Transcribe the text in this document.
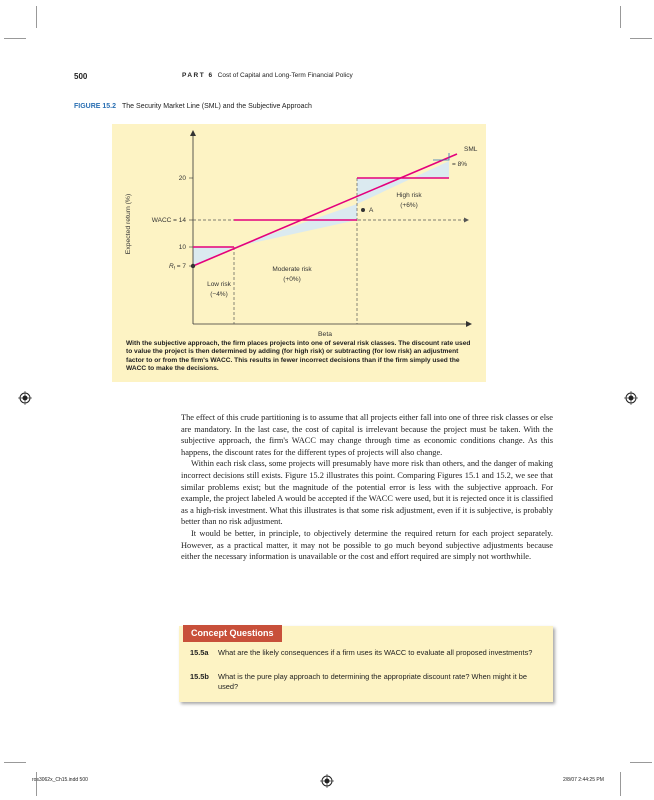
500	PART 6 Cost of Capital and Long-Term Financial Policy
FIGURE 15.2 The Security Market Line (SML) and the Subjective Approach
= 8%
SML
A
20
WACC = 14
10
$R_f = 7$
Expected return (%)
Beta
Low risk
(−4%)
Moderate risk
(+0%)
High risk
(+6%)
With the subjective approach, the firm places projects into one of several risk classes. The discount rate used to value the project is then determined by adding (for high risk) or subtracting (for low risk) an adjustment factor to or from the firm's WACC. This results in fewer incorrect decisions than if the firm simply used the WACC to make the decisions.

The effect of this crude partitioning is to assume that all projects either fall into one of three risk classes or else are mandatory. In the last case, the cost of capital is irrelevant because the project must be taken. With the subjective approach, the firm's WACC may change through time as economic conditions change. As this happens, the discount rates for the different types of projects will also change.

Within each risk class, some projects will presumably have more risk than others, and the danger of making incorrect decisions still exists. Figure 15.2 illustrates this point. Comparing Figures 15.1 and 15.2, we see that similar problems exist; but the magnitude of the potential error is less with the subjective approach. For example, the project labeled A would be accepted if the WACC were used, but it is rejected once it is classified as a high-risk investment. What this illustrates is that some risk adjustment, even if it is subjective, is probably better than no risk adjustment.

It would be better, in principle, to objectively determine the required return for each project separately. However, as a practical matter, it may not be possible to go much beyond subjective adjustments because either the necessary information is unavailable or the cost and effort required are simply not worthwhile.

Concept Questions
15.5a What are the likely consequences if a firm uses its WACC to evaluate all proposed investments?
15.5b What is the pure play approach to determining the appropriate discount rate? When might it be used?
ros3062x_Ch15.indd 500	2/8/07 2:44:25 PM
